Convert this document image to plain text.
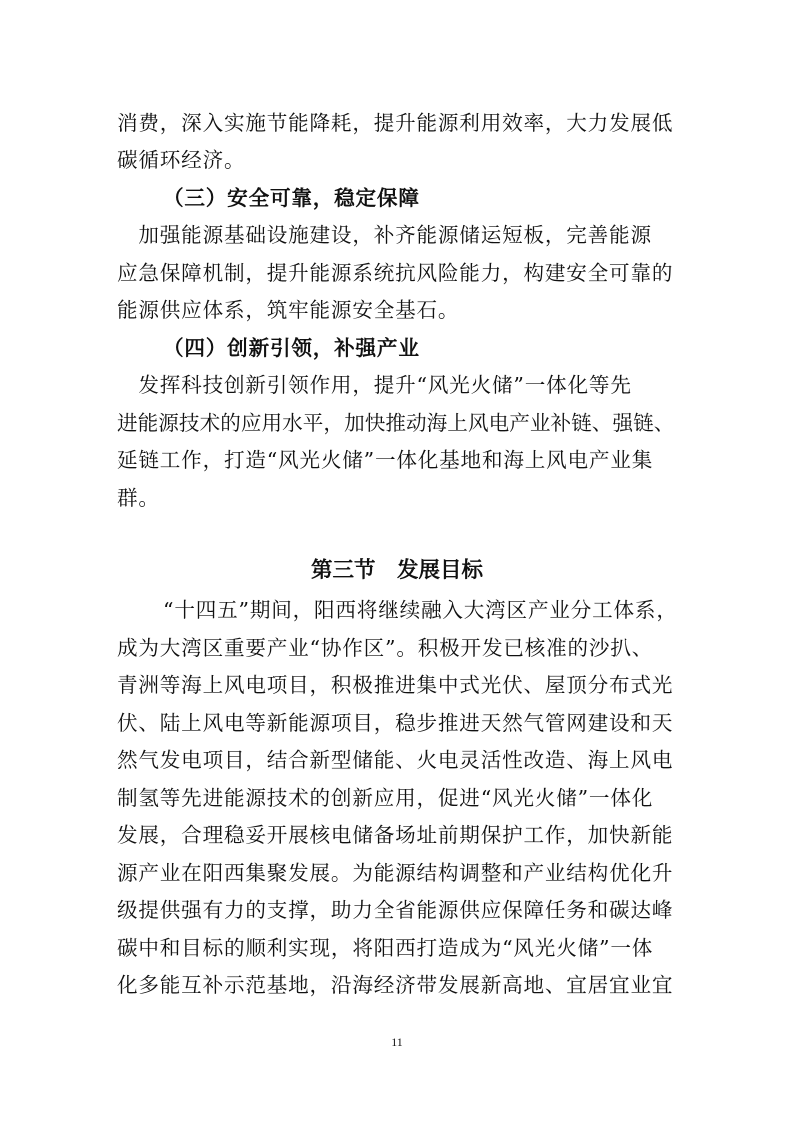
消费，深入实施节能降耗，提升能源利用效率，大力发展低
碳循环经济。
（三）安全可靠，稳定保障
　加强能源基础设施建设，补齐能源储运短板，完善能源
应急保障机制，提升能源系统抗风险能力，构建安全可靠的
能源供应体系，筑牢能源安全基石。
（四）创新引领，补强产业
　发挥科技创新引领作用，提升“风光火储”一体化等先
进能源技术的应用水平，加快推动海上风电产业补链、强链、
延链工作，打造“风光火储”一体化基地和海上风电产业集
群。
第三节　发展目标
“十四五”期间，阳西将继续融入大湾区产业分工体系，
成为大湾区重要产业“协作区”。积极开发已核准的沙扒、
青洲等海上风电项目，积极推进集中式光伏、屋顶分布式光
伏、陆上风电等新能源项目，稳步推进天然气管网建设和天
然气发电项目，结合新型储能、火电灵活性改造、海上风电
制氢等先进能源技术的创新应用，促进“风光火储”一体化
发展，合理稳妥开展核电储备场址前期保护工作，加快新能
源产业在阳西集聚发展。为能源结构调整和产业结构优化升
级提供强有力的支撑，助力全省能源供应保障任务和碳达峰
碳中和目标的顺利实现，将阳西打造成为“风光火储”一体
化多能互补示范基地，沿海经济带发展新高地、宜居宜业宜
11
